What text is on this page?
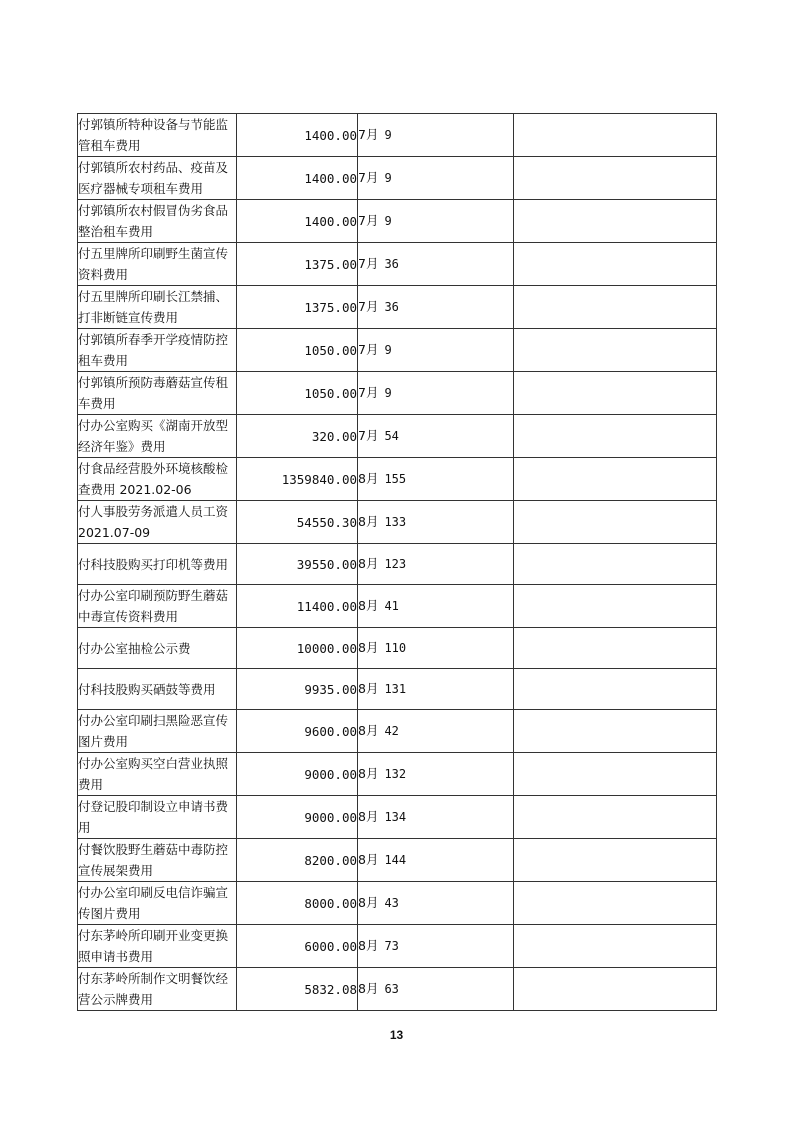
付郭镇所特种设备与节能监管租车费用	1400.00	7月 9	
付郭镇所农村药品、疫苗及医疗器械专项租车费用	1400.00	7月 9	
付郭镇所农村假冒伪劣食品整治租车费用	1400.00	7月 9	
付五里牌所印刷野生菌宣传资料费用	1375.00	7月 36	
付五里牌所印刷长江禁捕、打非断链宣传费用	1375.00	7月 36	
付郭镇所春季开学疫情防控租车费用	1050.00	7月 9	
付郭镇所预防毒蘑菇宣传租车费用	1050.00	7月 9	
付办公室购买《湖南开放型经济年鉴》费用	320.00	7月 54	
付食品经营股外环境核酸检查费用 2021.02-06	1359840.00	8月 155	
付人事股劳务派遣人员工资 2021.07-09	54550.30	8月 133	
付科技股购买打印机等费用	39550.00	8月 123	
付办公室印刷预防野生蘑菇中毒宣传资料费用	11400.00	8月 41	
付办公室抽检公示费	10000.00	8月 110	
付科技股购买硒鼓等费用	9935.00	8月 131	
付办公室印刷扫黑险恶宣传图片费用	9600.00	8月 42	
付办公室购买空白营业执照费用	9000.00	8月 132	
付登记股印制设立申请书费用	9000.00	8月 134	
付餐饮股野生蘑菇中毒防控宣传展架费用	8200.00	8月 144	
付办公室印刷反电信诈骗宣传图片费用	8000.00	8月 43	
付东茅岭所印刷开业变更换照申请书费用	6000.00	8月 73	
付东茅岭所制作文明餐饮经营公示牌费用	5832.08	8月 63	
13
